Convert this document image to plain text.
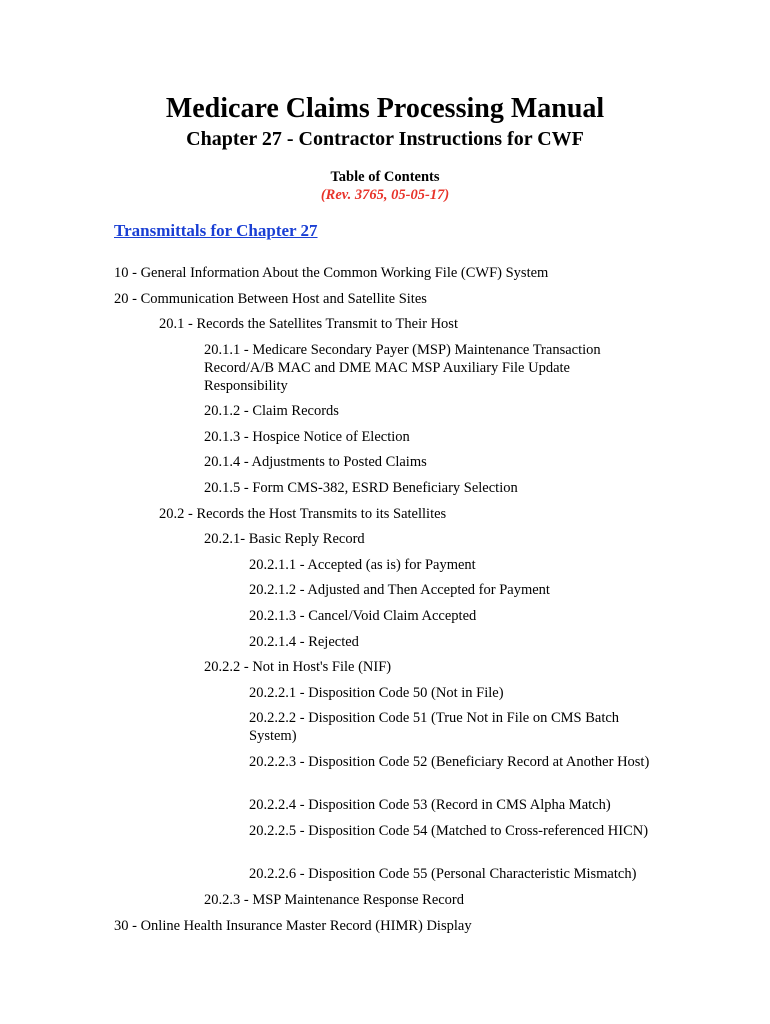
Medicare Claims Processing Manual
Chapter 27 - Contractor Instructions for CWF
Table of Contents
(Rev. 3765, 05-05-17)
Transmittals for Chapter 27
10 - General Information About the Common Working File (CWF) System
20 - Communication Between Host and Satellite Sites
20.1 - Records the Satellites Transmit to Their Host
20.1.1 - Medicare Secondary Payer (MSP) Maintenance Transaction Record/A/B MAC and DME MAC MSP Auxiliary File Update Responsibility
20.1.2 - Claim Records
20.1.3 - Hospice Notice of Election
20.1.4 - Adjustments to Posted Claims
20.1.5 - Form CMS-382, ESRD Beneficiary Selection
20.2 - Records the Host Transmits to its Satellites
20.2.1- Basic Reply Record
20.2.1.1 - Accepted (as is) for Payment
20.2.1.2 - Adjusted and Then Accepted for Payment
20.2.1.3 - Cancel/Void Claim Accepted
20.2.1.4 - Rejected
20.2.2 - Not in Host's File (NIF)
20.2.2.1 - Disposition Code 50 (Not in File)
20.2.2.2 - Disposition Code 51 (True Not in File on CMS Batch System)
20.2.2.3 - Disposition Code 52 (Beneficiary Record at Another Host)
20.2.2.4 - Disposition Code 53 (Record in CMS Alpha Match)
20.2.2.5 - Disposition Code 54 (Matched to Cross-referenced HICN)
20.2.2.6 - Disposition Code 55 (Personal Characteristic Mismatch)
20.2.3 - MSP Maintenance Response Record
30 - Online Health Insurance Master Record (HIMR) Display
